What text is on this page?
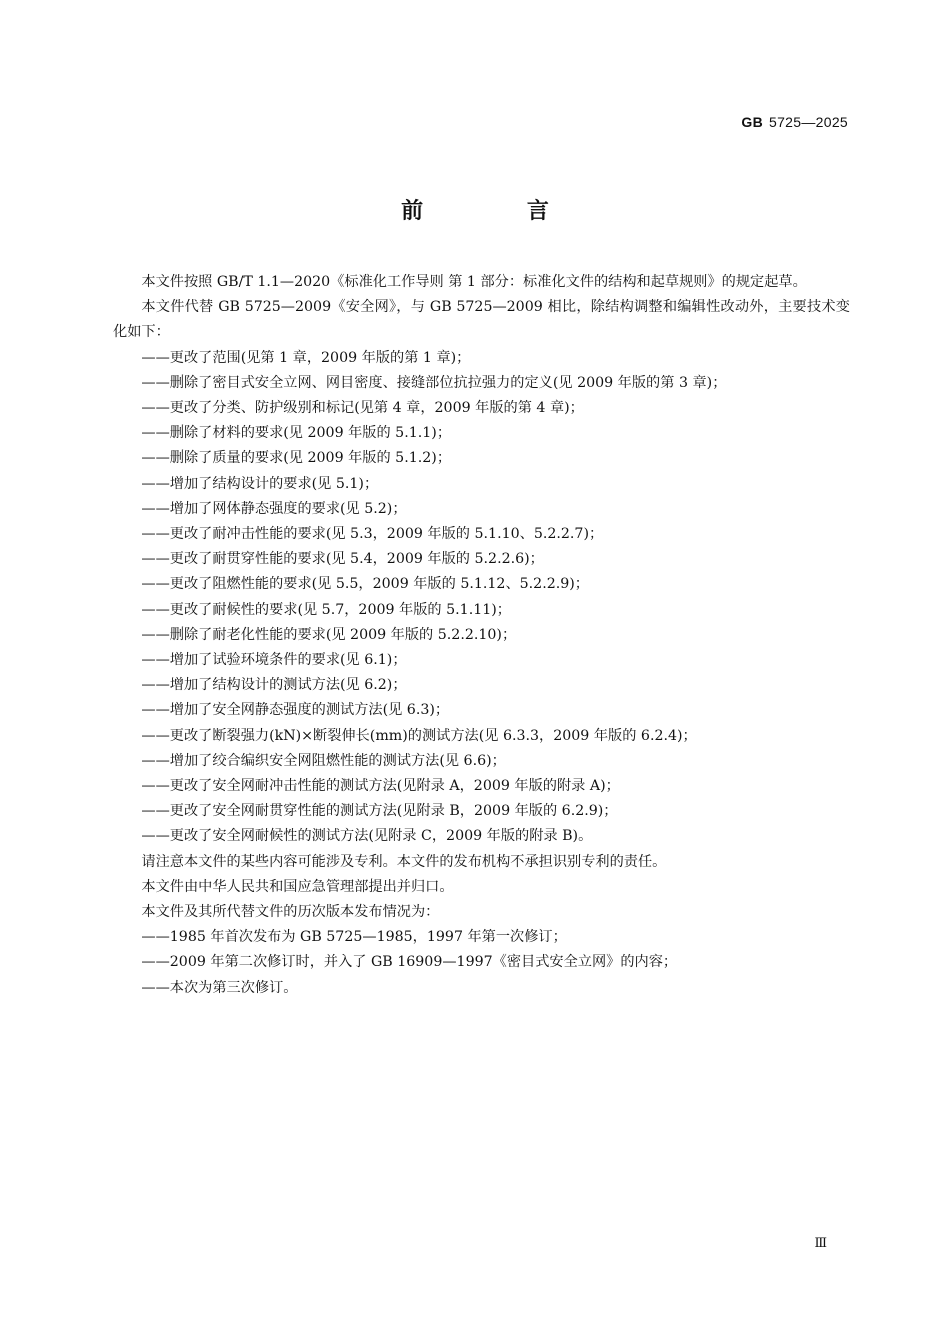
GB 5725—2025
前 言

本文件按照 GB/T 1.1—2020《标准化工作导则 第 1 部分：标准化文件的结构和起草规则》的规定起草。

本文件代替 GB 5725—2009《安全网》，与 GB 5725—2009 相比，除结构调整和编辑性改动外，主要技术变化如下：

——更改了范围(见第 1 章，2009 年版的第 1 章)；

——删除了密目式安全立网、网目密度、接缝部位抗拉强力的定义(见 2009 年版的第 3 章)；

——更改了分类、防护级别和标记(见第 4 章，2009 年版的第 4 章)；

——删除了材料的要求(见 2009 年版的 5.1.1)；

——删除了质量的要求(见 2009 年版的 5.1.2)；

——增加了结构设计的要求(见 5.1)；

——增加了网体静态强度的要求(见 5.2)；

——更改了耐冲击性能的要求(见 5.3，2009 年版的 5.1.10、5.2.2.7)；

——更改了耐贯穿性能的要求(见 5.4，2009 年版的 5.2.2.6)；

——更改了阻燃性能的要求(见 5.5，2009 年版的 5.1.12、5.2.2.9)；

——更改了耐候性的要求(见 5.7，2009 年版的 5.1.11)；

——删除了耐老化性能的要求(见 2009 年版的 5.2.2.10)；

——增加了试验环境条件的要求(见 6.1)；

——增加了结构设计的测试方法(见 6.2)；

——增加了安全网静态强度的测试方法(见 6.3)；

——更改了断裂强力(kN)×断裂伸长(mm)的测试方法(见 6.3.3，2009 年版的 6.2.4)；

——增加了绞合编织安全网阻燃性能的测试方法(见 6.6)；

——更改了安全网耐冲击性能的测试方法(见附录 A，2009 年版的附录 A)；

——更改了安全网耐贯穿性能的测试方法(见附录 B，2009 年版的 6.2.9)；

——更改了安全网耐候性的测试方法(见附录 C，2009 年版的附录 B)。

请注意本文件的某些内容可能涉及专利。本文件的发布机构不承担识别专利的责任。

本文件由中华人民共和国应急管理部提出并归口。

本文件及其所代替文件的历次版本发布情况为：

——1985 年首次发布为 GB 5725—1985，1997 年第一次修订；

——2009 年第二次修订时，并入了 GB 16909—1997《密目式安全立网》的内容；

——本次为第三次修订。

Ⅲ
